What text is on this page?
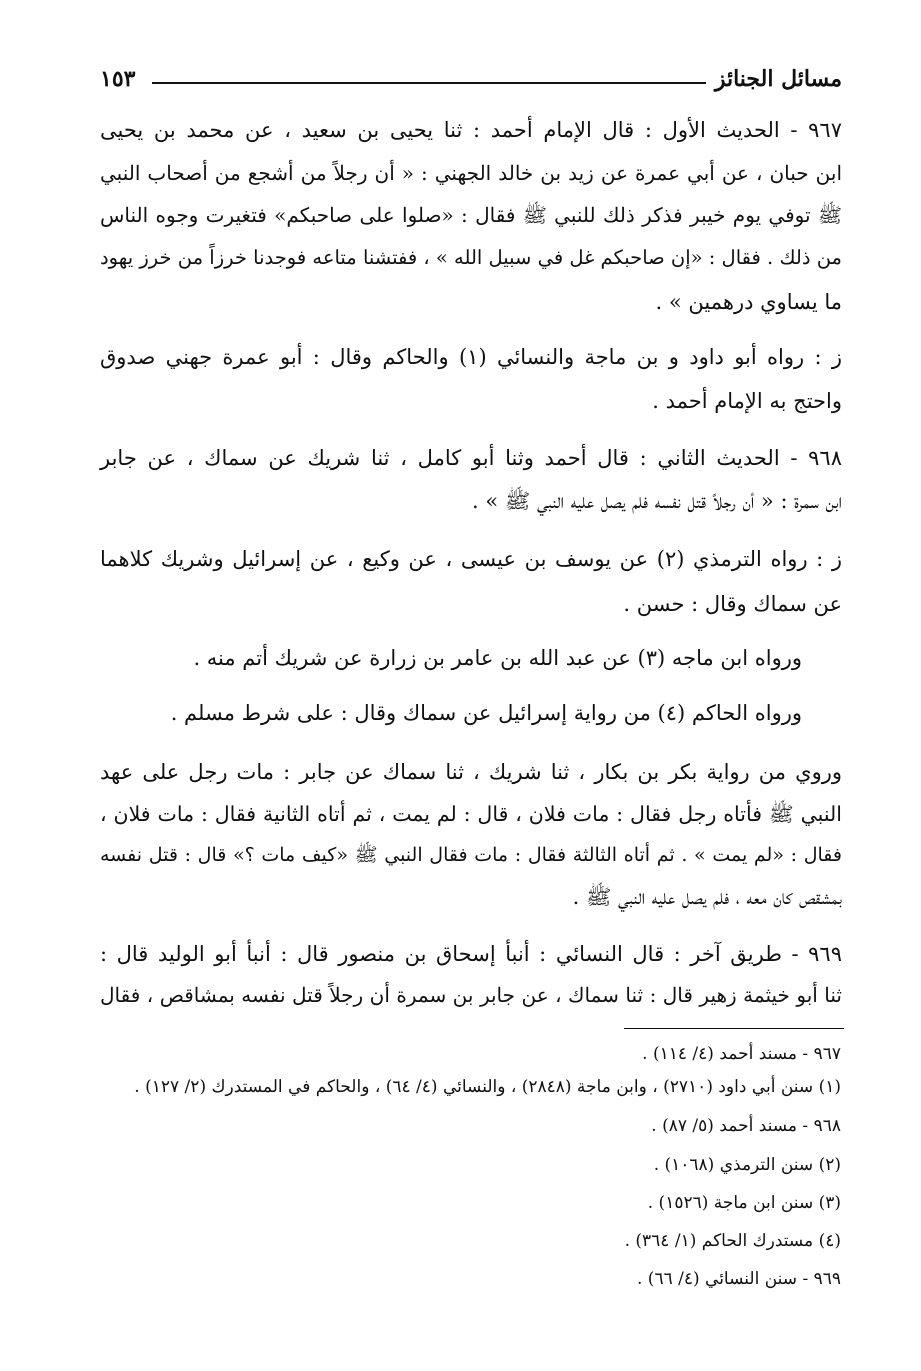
مسائل الجنائز
١٥٣
٩٦٧ - الحديث الأول : قال الإمام أحمد : ثنا يحيى بن سعيد ، عن محمد بن يحيى
ابن حبان ، عن أبي عمرة عن زيد بن خالد الجهني : « أن رجلاً من أشجع من أصحاب النبي
ﷺ توفي يوم خيبر فذكر ذلك للنبي ﷺ فقال : «صلوا على صاحبكم» فتغيرت وجوه الناس
من ذلك . فقال : «إن صاحبكم غل في سبيل الله » ، ففتشنا متاعه فوجدنا خرزاً من خرز يهود
ما يساوي درهمين » .
ز : رواه أبو داود و بن ماجة والنسائي (١) والحاكم وقال : أبو عمرة جهني صدوق
واحتج به الإمام أحمد .
٩٦٨ - الحديث الثاني : قال أحمد وثنا أبو كامل ، ثنا شريك عن سماك ، عن جابر
ابن سمرة : « أن رجلاً قتل نفسه فلم يصل عليه النبي ﷺ » .
ز : رواه الترمذي (٢) عن يوسف بن عيسى ، عن وكيع ، عن إسرائيل وشريك كلاهما
عن سماك وقال : حسن .
ورواه ابن ماجه (٣) عن عبد الله بن عامر بن زرارة عن شريك أتم منه .
ورواه الحاكم (٤) من رواية إسرائيل عن سماك وقال : على شرط مسلم .
وروي من رواية بكر بن بكار ، ثنا شريك ، ثنا سماك عن جابر : مات رجل على عهد
النبي ﷺ فأتاه رجل فقال : مات فلان ، قال : لم يمت ، ثم أتاه الثانية فقال : مات فلان ،
فقال : «لم يمت » . ثم أتاه الثالثة فقال : مات فقال النبي ﷺ «كيف مات ؟» قال : قتل نفسه
بمشقص كان معه ، فلم يصل عليه النبي ﷺ .
٩٦٩ - طريق آخر : قال النسائي : أنبأ إسحاق بن منصور قال : أنبأ أبو الوليد قال :
ثنا أبو خيثمة زهير قال : ثنا سماك ، عن جابر بن سمرة أن رجلاً قتل نفسه بمشاقص ، فقال
٩٦٧ - مسند أحمد (٤/ ١١٤) .
(١) سنن أبي داود (٢٧١٠) ، وابن ماجة (٢٨٤٨) ، والنسائي (٤/ ٦٤) ، والحاكم في المستدرك (٢/ ١٢٧) .
٩٦٨ - مسند أحمد (٥/ ٨٧) .
(٢) سنن الترمذي (١٠٦٨) .
(٣) سنن ابن ماجة (١٥٢٦) .
(٤) مستدرك الحاكم (١/ ٣٦٤) .
٩٦٩ - سنن النسائي (٤/ ٦٦) .
